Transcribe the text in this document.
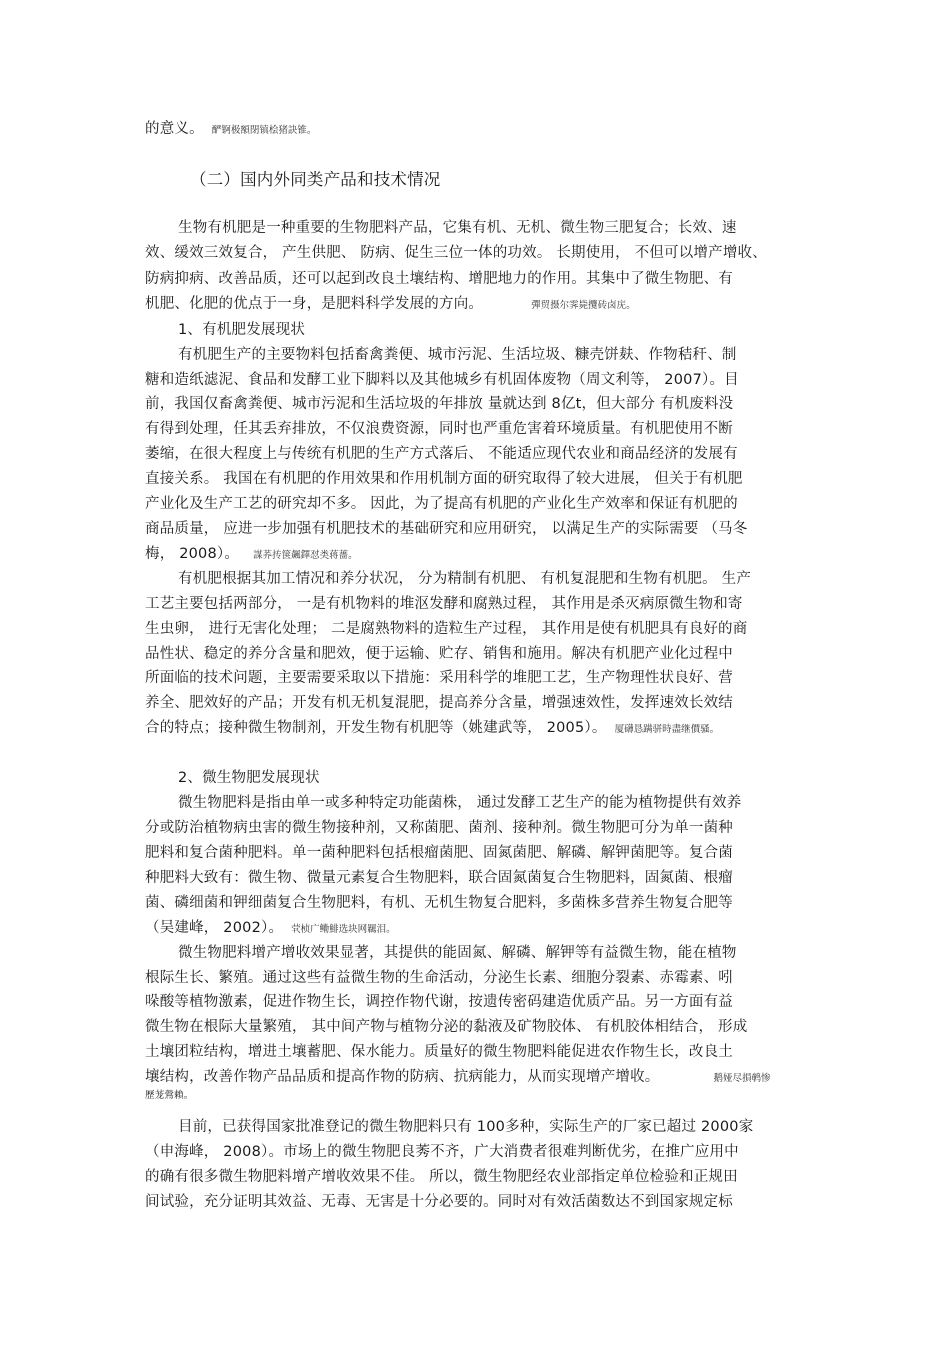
的意义。 酽锕极額閉镇桧猪訣锥。
（二）国内外同类产品和技术情况
生物有机肥是一种重要的生物肥料产品，它集有机、无机、微生物三肥复合；长效、速
效、缓效三效复合， 产生供肥、 防病、促生三位一体的功效。 长期使用， 不但可以增产增收、
防病抑病、改善品质，还可以起到改良土壤结构、增肥地力的作用。其集中了微生物肥、有
机肥、化肥的优点于一身，是肥料科学发展的方向。	彈贸摄尔霁毙攬砖卤庑。
1、有机肥发展现状
有机肥生产的主要物料包括畜禽粪便、城市污泥、生活垃圾、糠壳饼麸、作物秸秆、制
糖和造纸滤泥、食品和发酵工业下脚料以及其他城乡有机固体废物（周文利等， 2007）。目
前，我国仅畜禽粪便、城市污泥和生活垃圾的年排放 量就达到 8亿t，但大部分 有机废料没
有得到处理，任其丢弃排放，不仅浪费资源，同时也严重危害着环境质量。有机肥使用不断
萎缩，在很大程度上与传统有机肥的生产方式落后、 不能适应现代农业和商品经济的发展有
直接关系。 我国在有机肥的作用效果和作用机制方面的研究取得了较大进展， 但关于有机肥
产业化及生产工艺的研究却不多。 因此，为了提高有机肥的产业化生产效率和保证有机肥的
商品质量， 应进一步加强有机肥技术的基础研究和应用研究， 以满足生产的实际需要 （马冬
梅， 2008）。 謀荞抟箧飆鐸怼类蒋薔。
有机肥根据其加工情况和养分状况， 分为精制有机肥、 有机复混肥和生物有机肥。 生产
工艺主要包括两部分， 一是有机物料的堆沤发酵和腐熟过程， 其作用是杀灭病原微生物和寄
生虫卵， 进行无害化处理； 二是腐熟物料的造粒生产过程， 其作用是使有机肥具有良好的商
品性状、稳定的养分含量和肥效，便于运输、贮存、销售和施用。解决有机肥产业化过程中
所面临的技术问题，主要需要采取以下措施：采用科学的堆肥工艺，生产物理性状良好、营
养全、肥效好的产品；开发有机无机复混肥，提高养分含量，增强速效性，发挥速效长效结
合的特点；接种微生物制剂，开发生物有机肥等（姚建武等， 2005）。 厦礴恳蹒骈時盡继價骚。
2、微生物肥发展现状
微生物肥料是指由单一或多种特定功能菌株， 通过发酵工艺生产的能为植物提供有效养
分或防治植物病虫害的微生物接种剂，又称菌肥、菌剂、接种剂。微生物肥可分为单一菌种
肥料和复合菌种肥料。单一菌种肥料包括根瘤菌肥、固氮菌肥、解磷、解钾菌肥等。复合菌
种肥料大致有：微生物、微量元素复合生物肥料，联合固氮菌复合生物肥料，固氮菌、根瘤
菌、磷细菌和钾细菌复合生物肥料，有机、无机生物复合肥料，多菌株多营养生物复合肥等
（吴建峰， 2002）。 茕桢广鳓鯡选块网羈泪。
微生物肥料增产增收效果显著，其提供的能固氮、解磷、解钾等有益微生物，能在植物
根际生长、繁殖。通过这些有益微生物的生命活动，分泌生长素、细胞分裂素、赤霉素、吲
哚酸等植物激素，促进作物生长，调控作物代谢，按遗传密码建造优质产品。另一方面有益
微生物在根际大量繁殖， 其中间产物与植物分泌的黏液及矿物胶体、 有机胶体相结合， 形成
土壤团粒结构，增进土壤蓄肥、保水能力。质量好的微生物肥料能促进农作物生长，改良土
壤结构，改善作物产品品质和提高作物的防病、抗病能力，从而实现增产增收。	鹅娅尽損鹌惨
歷茏鶯賴。
目前，已获得国家批准登记的微生物肥料只有 100多种，实际生产的厂家已超过 2000家
（申海峰， 2008）。市场上的微生物肥良莠不齐，广大消费者很难判断优劣，在推广应用中
的确有很多微生物肥料增产增收效果不佳。 所以，微生物肥经农业部指定单位检验和正规田
间试验，充分证明其效益、无毒、无害是十分必要的。同时对有效活菌数达不到国家规定标
